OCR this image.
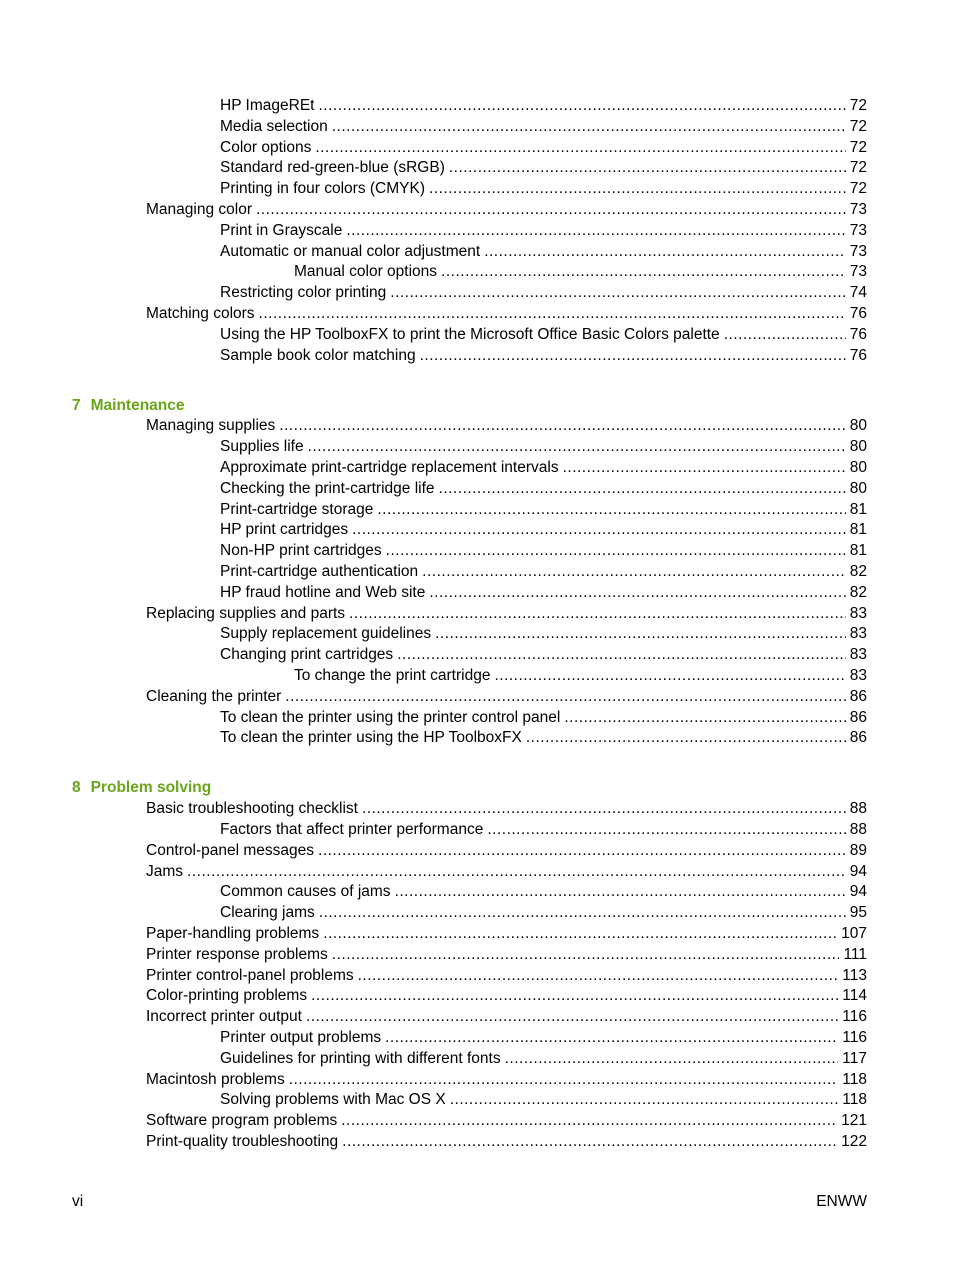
HP ImageREt .....	72
Media selection .....	72
Color options .....	72
Standard red-green-blue (sRGB) .....	72
Printing in four colors (CMYK) .....	72
Managing color .....	73
Print in Grayscale .....	73
Automatic or manual color adjustment .....	73
Manual color options .....	73
Restricting color printing .....	74
Matching colors .....	76
Using the HP ToolboxFX to print the Microsoft Office Basic Colors palette .....	76
Sample book color matching .....	76
7 Maintenance
Managing supplies .....	80
Supplies life .....	80
Approximate print-cartridge replacement intervals .....	80
Checking the print-cartridge life .....	80
Print-cartridge storage .....	81
HP print cartridges .....	81
Non-HP print cartridges .....	81
Print-cartridge authentication .....	82
HP fraud hotline and Web site .....	82
Replacing supplies and parts .....	83
Supply replacement guidelines .....	83
Changing print cartridges .....	83
To change the print cartridge .....	83
Cleaning the printer .....	86
To clean the printer using the printer control panel .....	86
To clean the printer using the HP ToolboxFX .....	86
8 Problem solving
Basic troubleshooting checklist .....	88
Factors that affect printer performance .....	88
Control-panel messages .....	89
Jams .....	94
Common causes of jams .....	94
Clearing jams .....	95
Paper-handling problems .....	107
Printer response problems .....	111
Printer control-panel problems .....	113
Color-printing problems .....	114
Incorrect printer output .....	116
Printer output problems .....	116
Guidelines for printing with different fonts .....	117
Macintosh problems .....	118
Solving problems with Mac OS X .....	118
Software program problems .....	121
Print-quality troubleshooting .....	122
vi	ENWW
